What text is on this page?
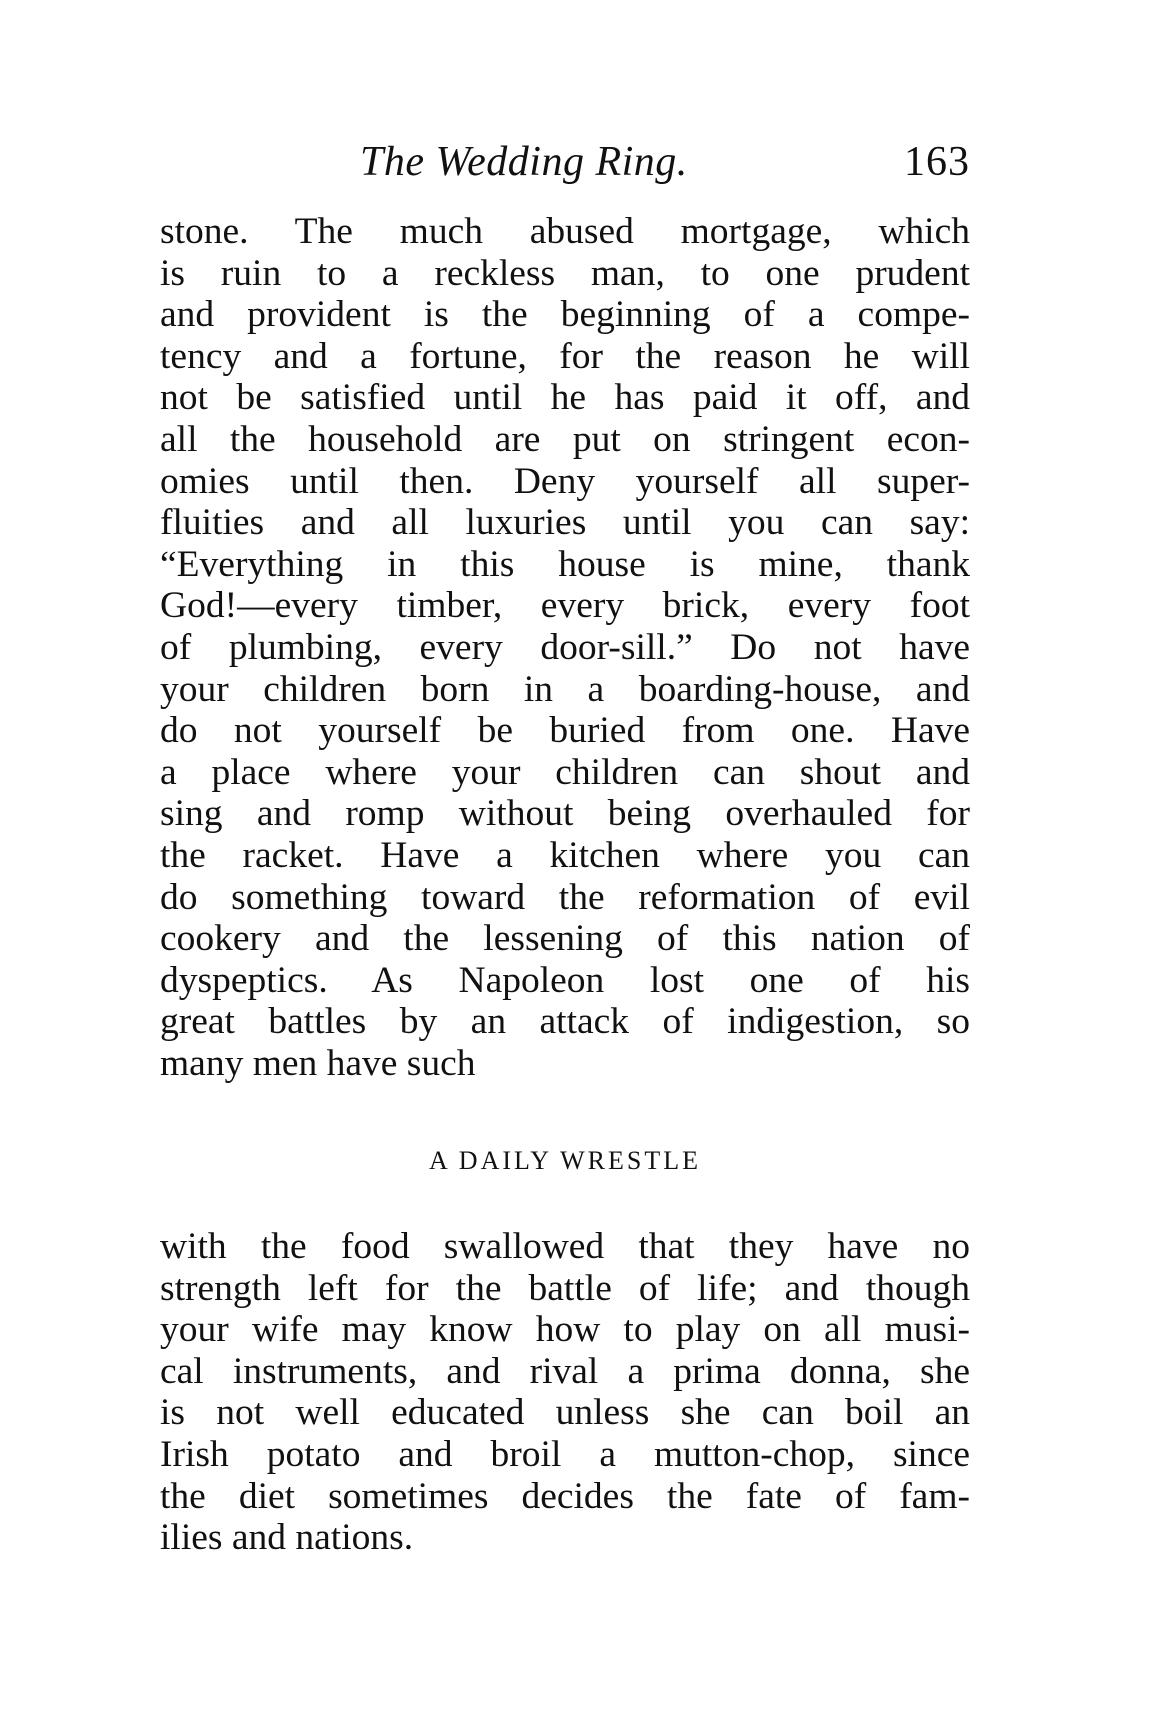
The Wedding Ring.	163
stone. The much abused mortgage, which
is ruin to a reckless man, to one prudent
and provident is the beginning of a compe-
tency and a fortune, for the reason he will
not be satisfied until he has paid it off, and
all the household are put on stringent econ-
omies until then. Deny yourself all super-
fluities and all luxuries until you can say:
“Everything in this house is mine, thank
God!—every timber, every brick, every foot
of plumbing, every door-sill.” Do not have
your children born in a boarding-house, and
do not yourself be buried from one. Have
a place where your children can shout and
sing and romp without being overhauled for
the racket. Have a kitchen where you can
do something toward the reformation of evil
cookery and the lessening of this nation of
dyspeptics. As Napoleon lost one of his
great battles by an attack of indigestion, so
many men have such
A DAILY WRESTLE
with the food swallowed that they have no
strength left for the battle of life; and though
your wife may know how to play on all musi-
cal instruments, and rival a prima donna, she
is not well educated unless she can boil an
Irish potato and broil a mutton-chop, since
the diet sometimes decides the fate of fam-
ilies and nations.
